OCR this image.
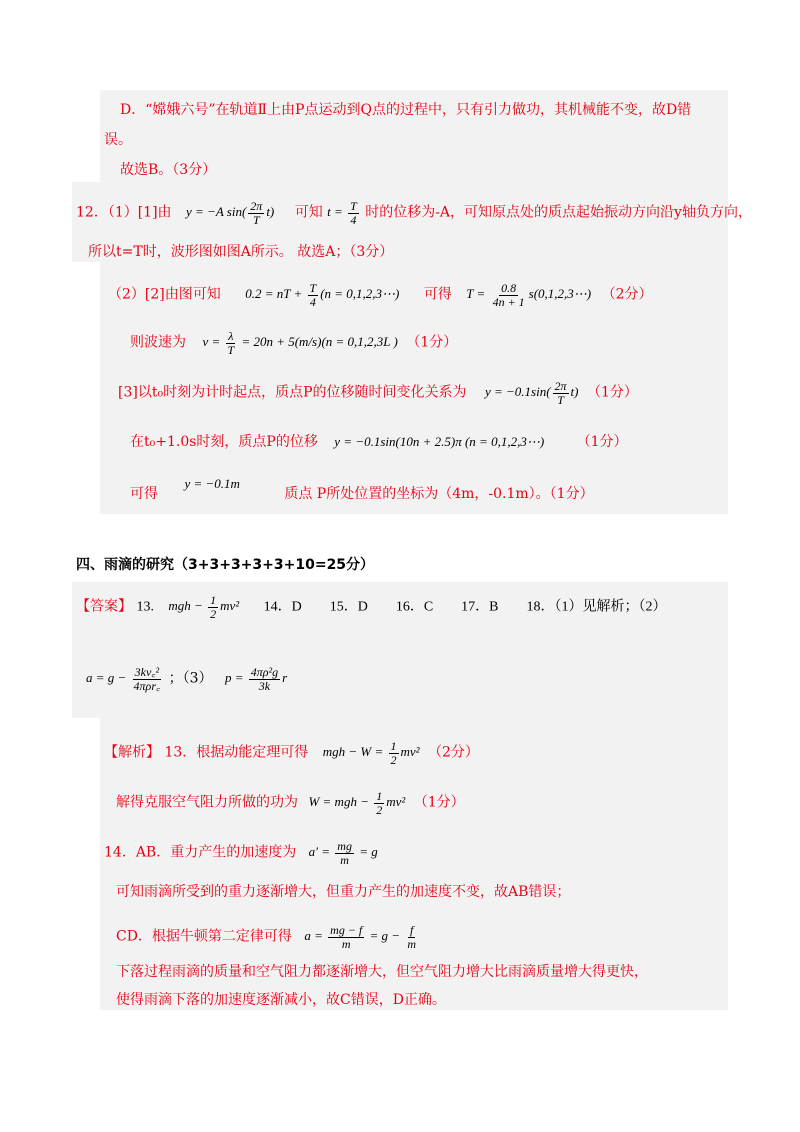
D．“嫦娥六号”在轨道Ⅱ上由P点运动到Q点的过程中，只有引力做功，其机械能不变，故D错
误。
故选B。（3分）
12．（1）[1]由 y = −A $\sin( \frac{2\pi}{T} t)$ 可知 $t = \frac{T}{4}$ 时的位移为-A，可知原点处的质点起始振动方向沿y轴负方向，
所以t=T时，波形图如图A所示。 故选A；（3分）
（2）[2]由图可知 0.2 = nT + $\frac{T}{4} (n$ = 0,1,2,3⋯) 可得 $T = \frac{0.8}{4n + 1}$ s(0,1,2,3⋯) （2分）
则波速为 $v = \frac{\lambda}{T} = 20n + 5(m/s)(n = 0,1,2,3L$ ) （1分）
[3]以t₀时刻为计时起点，质点P的位移随时间变化关系为 $y = -0.1\sin( \frac{2\pi}{T} t)$ （1分）
在t₀+1.0s时刻，质点P的位移 y = −0.1sin(10n + 2.5)π (n = 0,1,2,3⋯) （1分）
可得 y = −0.1m 质点 P所处位置的坐标为（4m，-0.1m）。（1分）
四、雨滴的研究（3+3+3+3+3+10=25分）
【答案】 13. mgh − $\frac{1}{2} mv^2$ 14．D　　15．D　　16．C　　17．B　　18．（1）见解析；（2）
$a = g - \frac{\text{3kv꜀²}}{\text{4πρr꜀}}$ ；（3） $p = \frac{\text{4πρ²g}}{3k}$ r
【解析】 13．根据动能定理可得 mgh − $W = \frac{1}{2} mv^2$ （2分）
解得克服空气阻力所做的功为 W = mgh − $\frac{1}{2} mv^2$ （1分）
14．AB．重力产生的加速度为 $a' = \frac{mg}{m} = g$
可知雨滴所受到的重力逐渐增大，但重力产生的加速度不变，故AB错误；
CD．根据牛顿第二定律可得 $a = \frac{mg - f}{m} = g - \frac{f}{m}$
下落过程雨滴的质量和空气阻力都逐渐增大，但空气阻力增大比雨滴质量增大得更快，
使得雨滴下落的加速度逐渐减小，故C错误，D正确。
